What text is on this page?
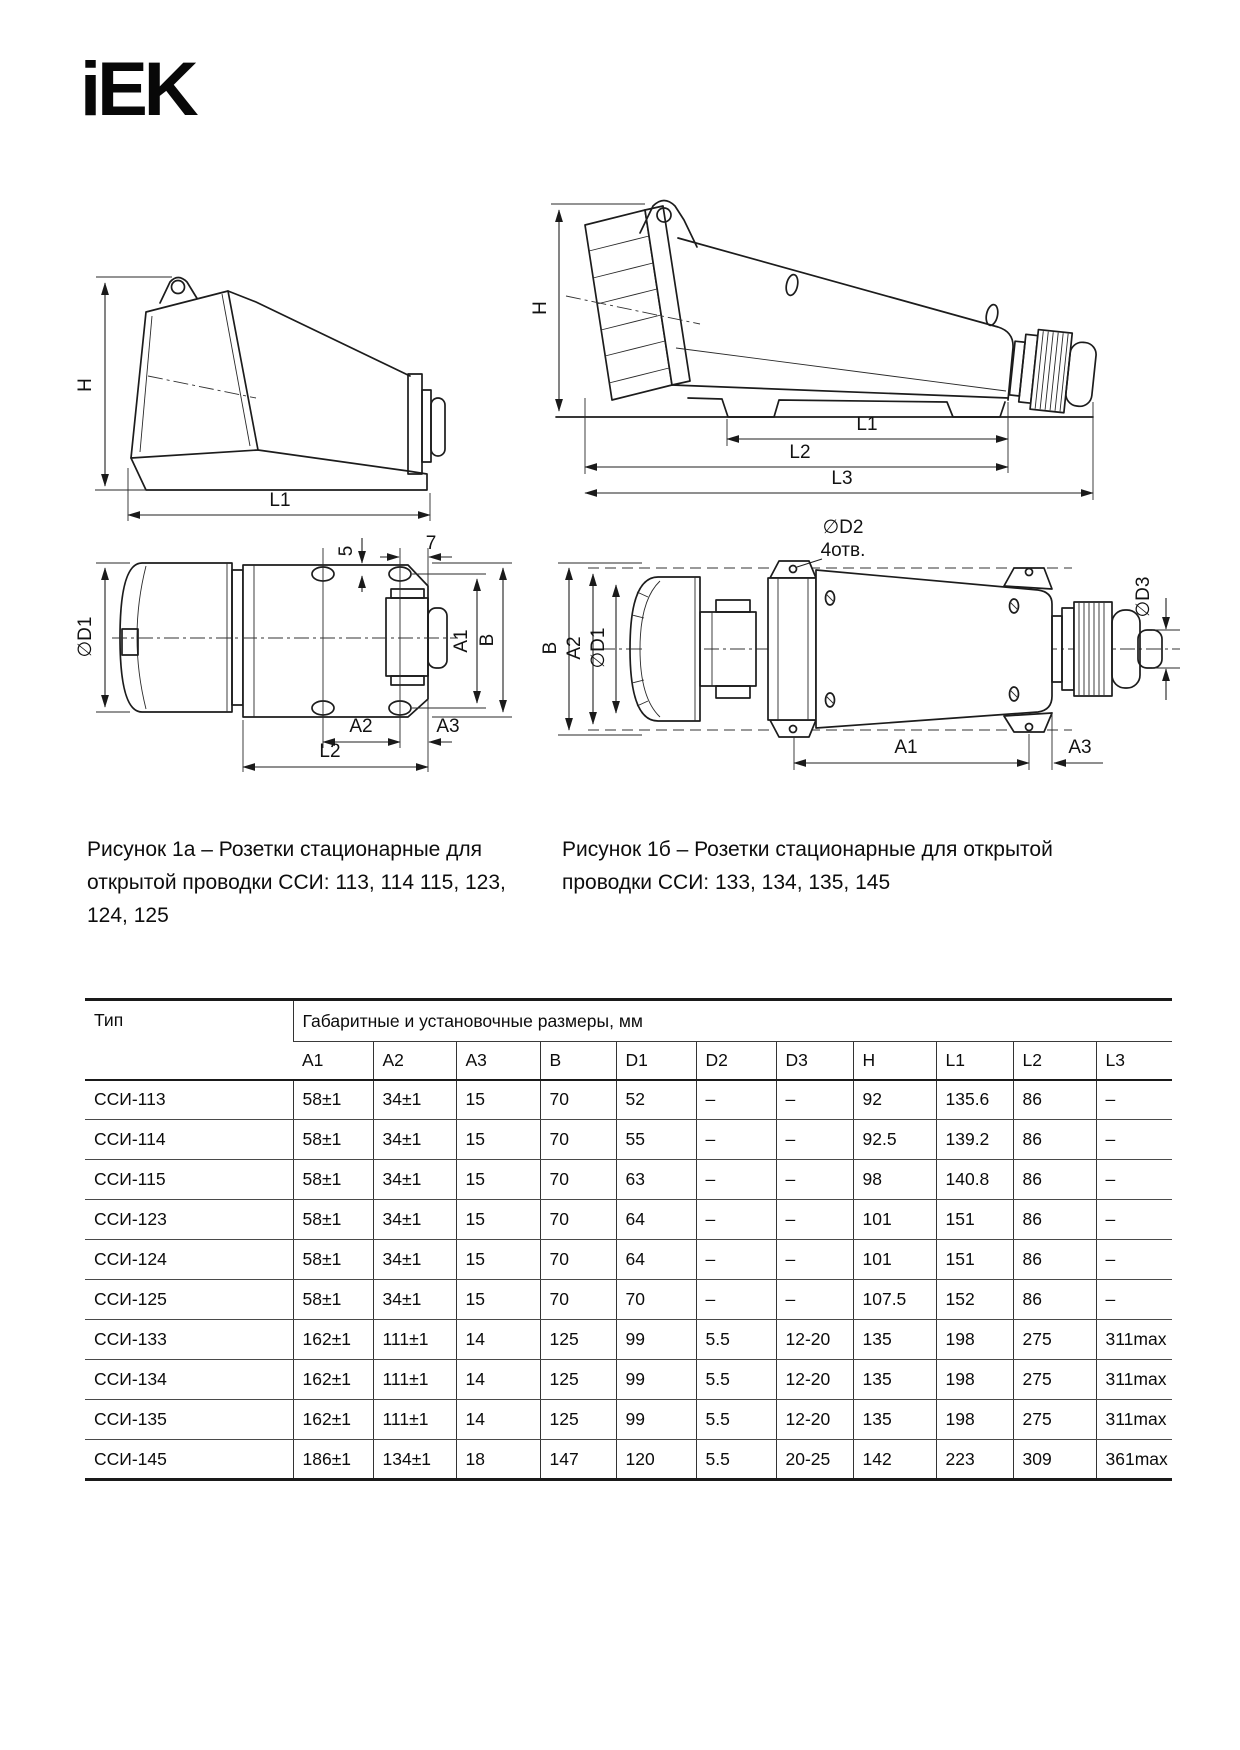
iEK
H
L1
∅D1
5	7
A1 B
A2	A3
L2
H
L1
L2
L3
B A2 ∅D1
∅D2
4отв.
∅D3
A1	A3
Рисунок 1а – Розетки стационарные для открытой проводки ССИ: 113, 114 115, 123, 124, 125
Рисунок 1б – Розетки стационарные для открытой проводки ССИ: 133, 134, 135, 145
Тип	Габаритные и установочные размеры, мм										
	А1	А2	А3	В	D1	D2	D3	Н	L1	L2	L3
ССИ-113	58±1	34±1	15	70	52	–	–	92	135.6	86	–
ССИ-114	58±1	34±1	15	70	55	–	–	92.5	139.2	86	–
ССИ-115	58±1	34±1	15	70	63	–	–	98	140.8	86	–
ССИ-123	58±1	34±1	15	70	64	–	–	101	151	86	–
ССИ-124	58±1	34±1	15	70	64	–	–	101	151	86	–
ССИ-125	58±1	34±1	15	70	70	–	–	107.5	152	86	–
ССИ-133	162±1	111±1	14	125	99	5.5	12-20	135	198	275	311max
ССИ-134	162±1	111±1	14	125	99	5.5	12-20	135	198	275	311max
ССИ-135	162±1	111±1	14	125	99	5.5	12-20	135	198	275	311max
ССИ-145	186±1	134±1	18	147	120	5.5	20-25	142	223	309	361max
